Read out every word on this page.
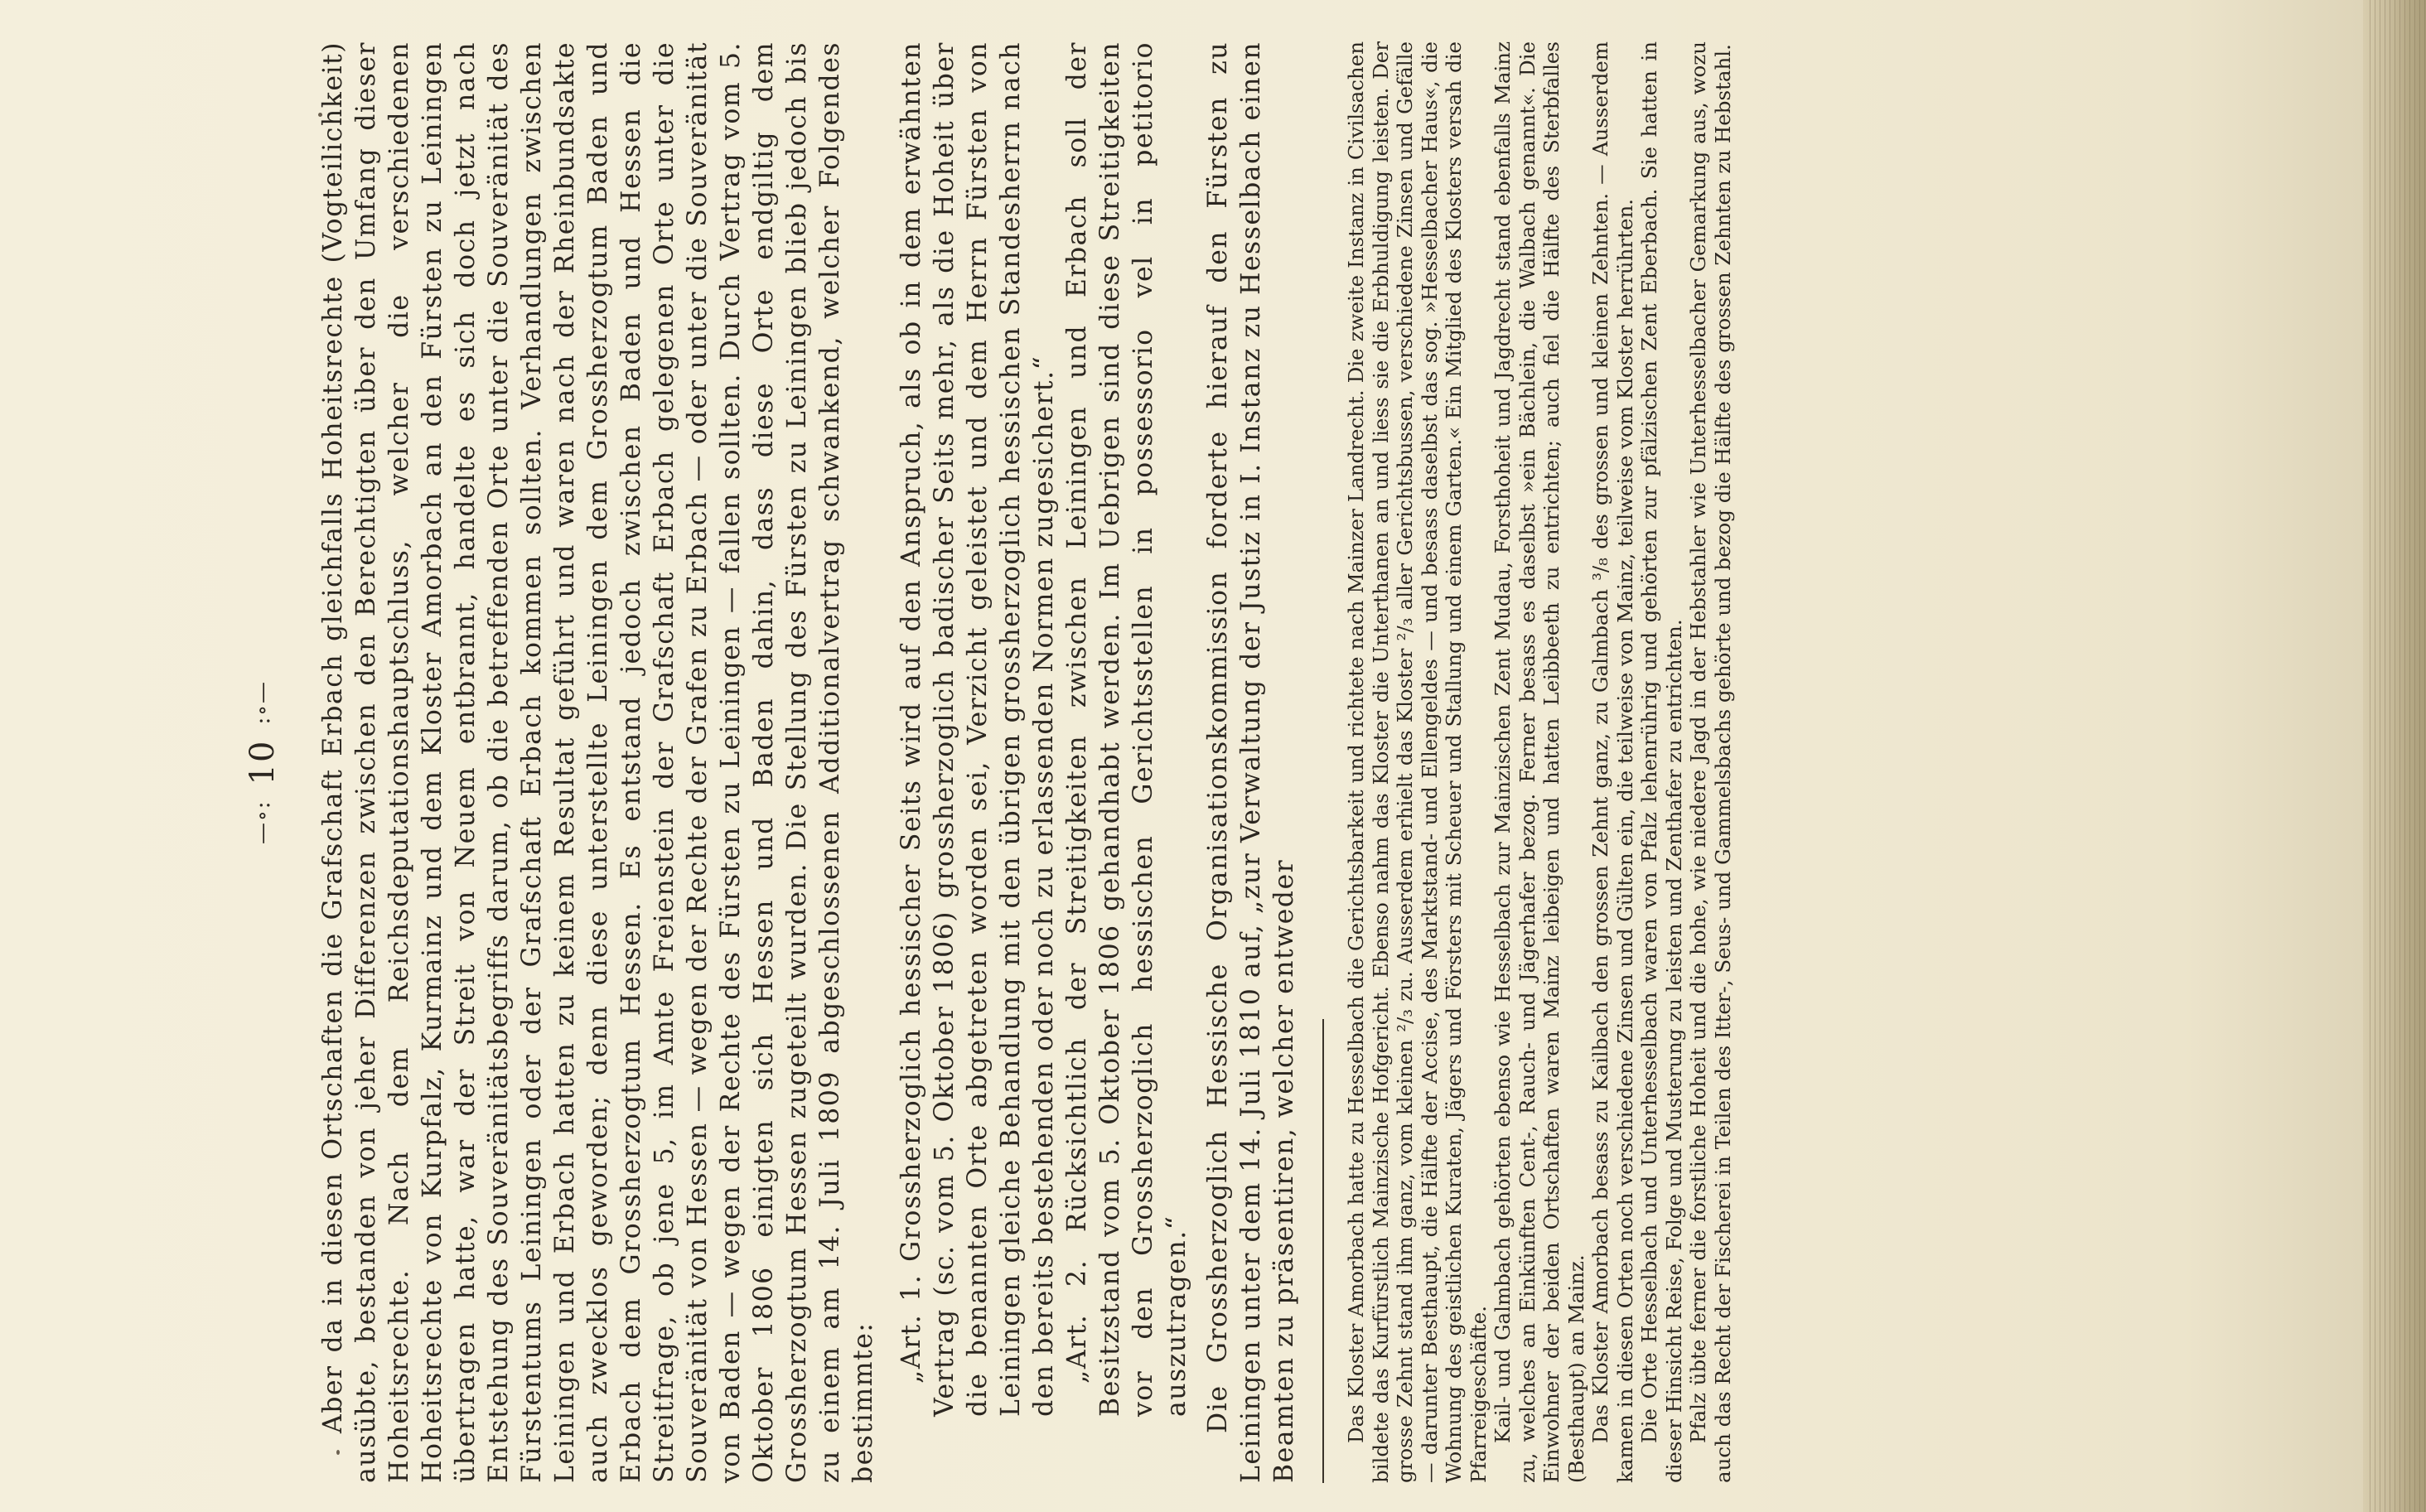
—∘:
10
:∘— Aber da in diesen Ortschaften die Grafschaft Erbach gleichfalls Hoheitsrechte (Vogteilichkeit) ausübte, bestanden von jeher Differenzen zwischen den Berechtigten über den Umfang dieser Hoheitsrechte. Nach dem Reichsdeputationshauptschluss, welcher die verschiedenen Hoheitsrechte von Kurpfalz, Kurmainz und dem Kloster Amorbach an den Fürsten zu Leiningen übertragen hatte, war der Streit von Neuem entbrannt, handelte es sich doch jetzt nach Entstehung des Souveränitätsbegriffs darum, ob die betreffenden Orte unter die Souveränität des Fürstentums Leiningen oder der Grafschaft Erbach kommen sollten. Verhandlungen zwischen Leiningen und Erbach hatten zu keinem Resultat geführt und waren nach der Rheinbundsakte auch zwecklos geworden; denn diese unterstellte Leiningen dem Grossherzogtum Baden und Erbach dem Grossherzogtum Hessen. Es entstand jedoch zwischen Baden und Hessen die Streitfrage, ob jene 5, im Amte Freienstein der Grafschaft Erbach gelegenen Orte unter die Souveränität von Hessen — wegen der Rechte der Grafen zu Erbach — oder unter die Souveränität von Baden — wegen der Rechte des Fürsten zu Leiningen — fallen sollten. Durch Vertrag vom 5. Oktober 1806 einigten sich Hessen und Baden dahin, dass diese Orte endgiltig dem Grossherzogtum Hessen zugeteilt wurden. Die Stellung des Fürsten zu Leiningen blieb jedoch bis zu einem am 14. Juli 1809 abgeschlossenen Additionalvertrag schwankend, welcher Folgendes bestimmte:

„Art. 1. Grossherzoglich hessischer Seits wird auf den Anspruch, als ob in dem erwähnten Vertrag (sc. vom 5. Oktober 1806) grossherzoglich badischer Seits mehr, als die Hoheit über die benannten Orte abgetreten worden sei, Verzicht geleistet und dem Herrn Fürsten von Leiningen gleiche Behandlung mit den übrigen grossherzoglich hessischen Standesherrn nach den bereits bestehenden oder noch zu erlassenden Normen zugesichert.“ „Art. 2. Rücksichtlich der Streitigkeiten zwischen Leiningen und Erbach soll der Besitzstand vom 5. Oktober 1806 gehandhabt werden. Im Uebrigen sind diese Streitigkeiten vor den Grossherzoglich hessischen Gerichtsstellen in possessorio vel in petitorio auszutragen.“ Die Grossherzoglich Hessische Organisationskommission forderte hierauf den Fürsten zu Leiningen unter dem 14. Juli 1810 auf, „zur Verwaltung der Justiz in I. Instanz zu Hesselbach einen Beamten zu präsentiren, welcher entweder Das Kloster Amorbach hatte zu Hesselbach die Gerichtsbarkeit und richtete nach Mainzer Landrecht. Die zweite Instanz in Civilsachen bildete das Kurfürstlich Mainzische Hofgericht. Ebenso nahm das Kloster die Unterthanen an und liess sie die Erbhuldigung leisten. Der grosse Zehnt stand ihm ganz, vom kleinen ²/₃ zu. Ausserdem erhielt das Kloster ²/₃ aller Gerichtsbussen, verschiedene Zinsen und Gefälle — darunter Besthaupt, die Hälfte der Accise, des Marktstand- und Ellengeldes — und besass daselbst das sog. »Hesselbacher Haus«, die Wohnung des geistlichen Kuraten, Jägers und Försters mit Scheuer und Stallung und einem Garten.« Ein Mitglied des Klosters versah die Pfarreigeschäfte. Kail- und Galmbach gehörten ebenso wie Hesselbach zur Mainzischen Zent Mudau, Forsthoheit und Jagdrecht stand ebenfalls Mainz zu, welches an Einkünften Cent-, Rauch- und Jägerhafer bezog. Ferner besass es daselbst »ein Bächlein, die Walbach genannt«. Die Einwohner der beiden Ortschaften waren Mainz leibeigen und hatten Leibbeeth zu entrichten; auch fiel die Hälfte des Sterbfalles (Besthaupt) an Mainz. Das Kloster Amorbach besass zu Kailbach den grossen Zehnt ganz, zu Galmbach ³/₈ des grossen und kleinen Zehnten. — Ausserdem kamen in diesen Orten noch verschiedene Zinsen und Gülten ein, die teilweise von Mainz, teilweise vom Kloster herrührten. Die Orte Hesselbach und Unterhesselbach waren von Pfalz lehenrührig und gehörten zur pfälzischen Zent Eberbach. Sie hatten in dieser Hinsicht Reise, Folge und Musterung zu leisten und Zenthafer zu entrichten. Pfalz übte ferner die forstliche Hoheit und die hohe, wie niedere Jagd in der Hebstahler wie Unterhesselbacher Gemarkung aus, wozu auch das Recht der Fischerei in Teilen des Itter-, Seus- und Gammelsbachs gehörte und bezog die Hälfte des grossen Zehnten zu Hebstahl.
